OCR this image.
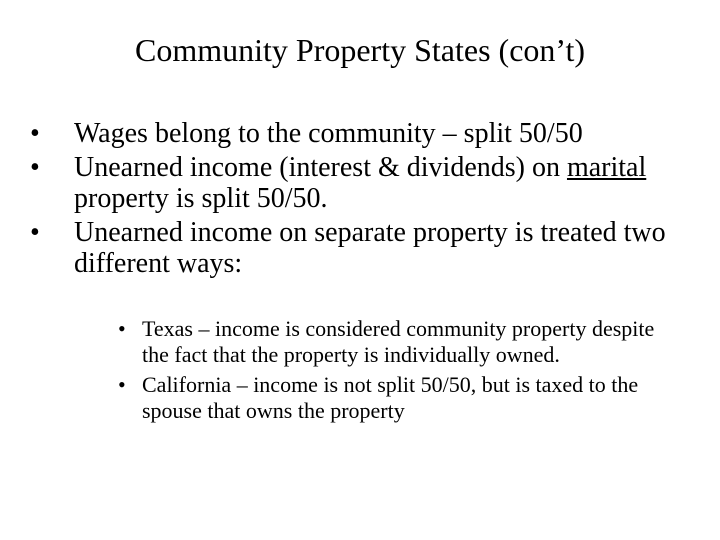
Community Property States (con’t)
• Wages belong to the community – split 50/50
• Unearned income (interest & dividends) on marital property is split 50/50.
• Unearned income on separate property is treated two different ways:
• Texas – income is considered community property despite the fact that the property is individually owned.
• California – income is not split 50/50, but is taxed to the spouse that owns the property
